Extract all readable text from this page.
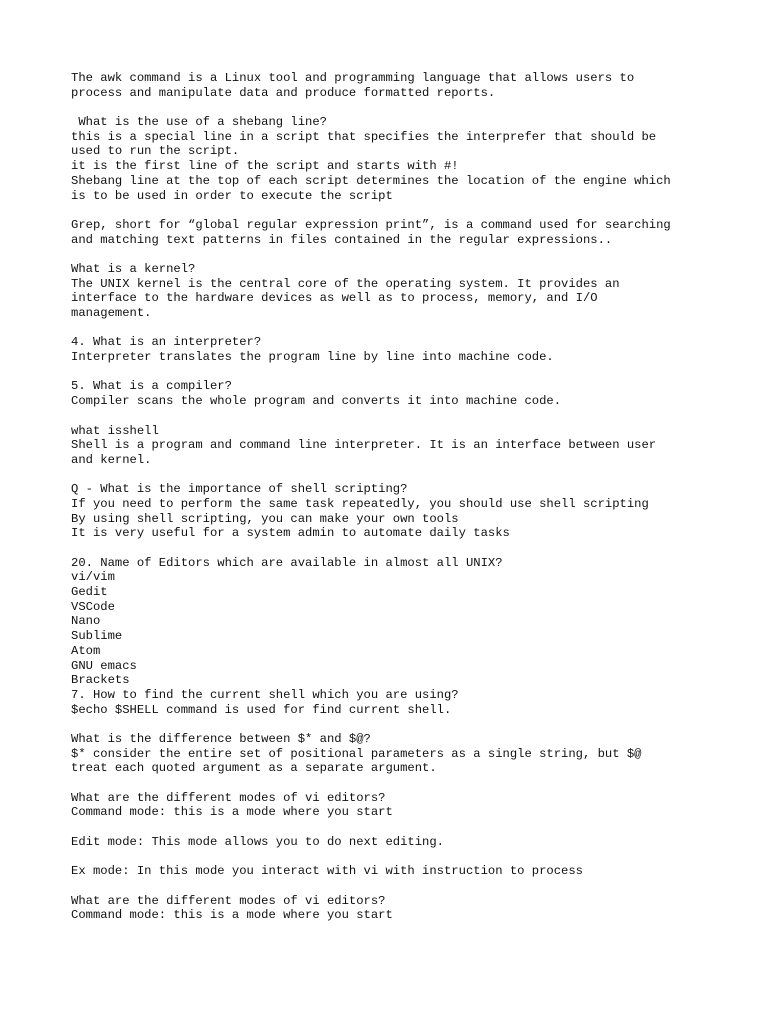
The awk command is a Linux tool and programming language that allows users to
process and manipulate data and produce formatted reports.

What is the use of a shebang line?
this is a special line in a script that specifies the interprefer that should be
used to run the script.
it is the first line of the script and starts with #!
Shebang line at the top of each script determines the location of the engine which
is to be used in order to execute the script

Grep, short for “global regular expression print”, is a command used for searching
and matching text patterns in files contained in the regular expressions..

What is a kernel?
The UNIX kernel is the central core of the operating system. It provides an
interface to the hardware devices as well as to process, memory, and I/O
management.

4. What is an interpreter?
Interpreter translates the program line by line into machine code.

5. What is a compiler?
Compiler scans the whole program and converts it into machine code.

what isshell
Shell is a program and command line interpreter. It is an interface between user
and kernel.

Q - What is the importance of shell scripting?
If you need to perform the same task repeatedly, you should use shell scripting
By using shell scripting, you can make your own tools
It is very useful for a system admin to automate daily tasks

20. Name of Editors which are available in almost all UNIX?
vi/vim
Gedit
VSCode
Nano
Sublime
Atom
GNU emacs
Brackets
7. How to find the current shell which you are using?
$echo $SHELL command is used for find current shell.

What is the difference between $* and $@?
$* consider the entire set of positional parameters as a single string, but $@
treat each quoted argument as a separate argument.

What are the different modes of vi editors?
Command mode: this is a mode where you start

Edit mode: This mode allows you to do next editing.

Ex mode: In this mode you interact with vi with instruction to process

What are the different modes of vi editors?
Command mode: this is a mode where you start
